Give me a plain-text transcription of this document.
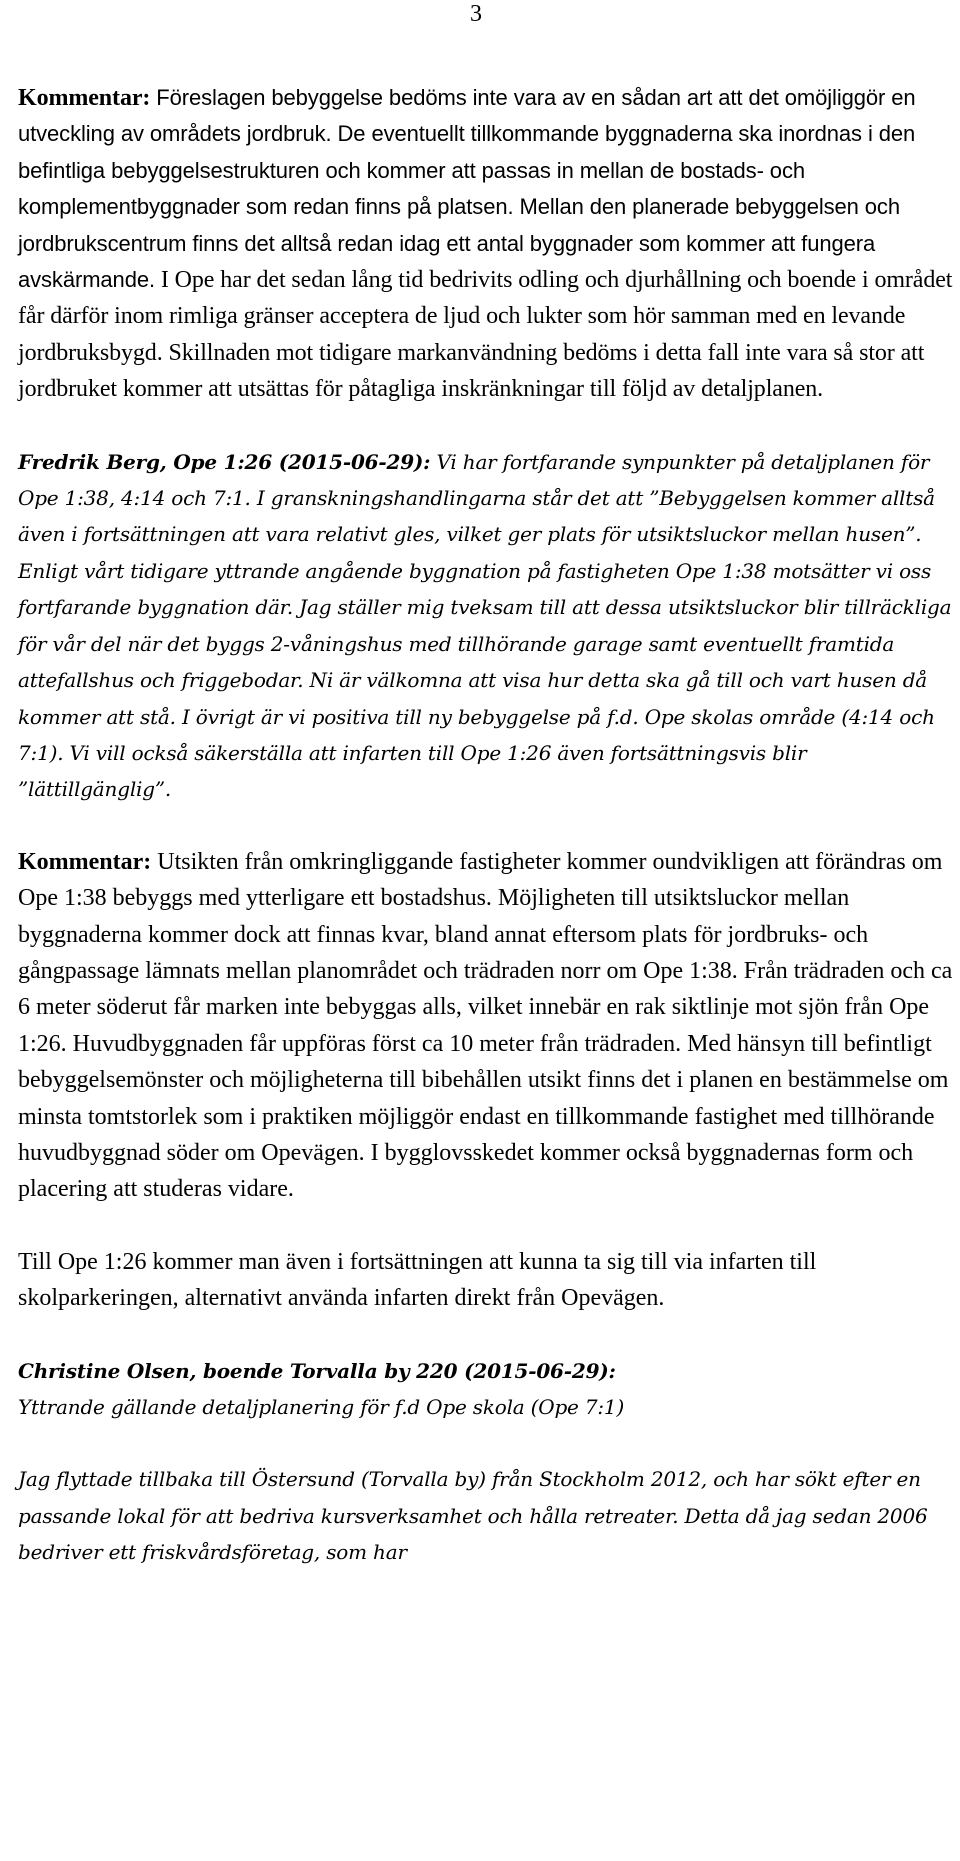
3

Kommentar: Föreslagen bebyggelse bedöms inte vara av en sådan art att det omöjliggör en utveckling av områdets jordbruk. De eventuellt tillkommande byggnaderna ska inordnas i den befintliga bebyggelsestrukturen och kommer att passas in mellan de bostads- och komplementbyggnader som redan finns på platsen. Mellan den planerade bebyggelsen och jordbrukscentrum finns det alltså redan idag ett antal byggnader som kommer att fungera avskärmande. I Ope har det sedan lång tid bedrivits odling och djurhållning och boende i området får därför inom rimliga gränser acceptera de ljud och lukter som hör samman med en levande jordbruksbygd. Skillnaden mot tidigare markanvändning bedöms i detta fall inte vara så stor att jordbruket kommer att utsättas för påtagliga inskränkningar till följd av detaljplanen.

Fredrik Berg, Ope 1:26 (2015-06-29): Vi har fortfarande synpunkter på detaljplanen för Ope 1:38, 4:14 och 7:1. I granskningshandlingarna står det att ”Bebyggelsen kommer alltså även i fortsättningen att vara relativt gles, vilket ger plats för utsiktsluckor mellan husen”. Enligt vårt tidigare yttrande angående byggnation på fastigheten Ope 1:38 motsätter vi oss fortfarande byggnation där. Jag ställer mig tveksam till att dessa utsiktsluckor blir tillräckliga för vår del när det byggs 2-våningshus med tillhörande garage samt eventuellt framtida attefallshus och friggebodar. Ni är välkomna att visa hur detta ska gå till och vart husen då kommer att stå. I övrigt är vi positiva till ny bebyggelse på f.d. Ope skolas område (4:14 och 7:1). Vi vill också säkerställa att infarten till Ope 1:26 även fortsättningsvis blir ”lättillgänglig”.

Kommentar: Utsikten från omkringliggande fastigheter kommer oundvikligen att förändras om Ope 1:38 bebyggs med ytterligare ett bostadshus. Möjligheten till utsiktsluckor mellan byggnaderna kommer dock att finnas kvar, bland annat eftersom plats för jordbruks- och gångpassage lämnats mellan planområdet och trädraden norr om Ope 1:38. Från trädraden och ca 6 meter söderut får marken inte bebyggas alls, vilket innebär en rak siktlinje mot sjön från Ope 1:26. Huvudbyggnaden får uppföras först ca 10 meter från trädraden. Med hänsyn till befintligt bebyggelsemönster och möjligheterna till bibehållen utsikt finns det i planen en bestämmelse om minsta tomtstorlek som i praktiken möjliggör endast en tillkommande fastighet med tillhörande huvudbyggnad söder om Opevägen. I bygglovsskedet kommer också byggnadernas form och placering att studeras vidare.

Till Ope 1:26 kommer man även i fortsättningen att kunna ta sig till via infarten till skolparkeringen, alternativt använda infarten direkt från Opevägen.

Christine Olsen, boende Torvalla by 220 (2015-06-29):
Yttrande gällande detaljplanering för f.d Ope skola (Ope 7:1)

Jag flyttade tillbaka till Östersund (Torvalla by) från Stockholm 2012, och har sökt efter en passande lokal för att bedriva kursverksamhet och hålla retreater. Detta då jag sedan 2006 bedriver ett friskvårdsföretag, som har
